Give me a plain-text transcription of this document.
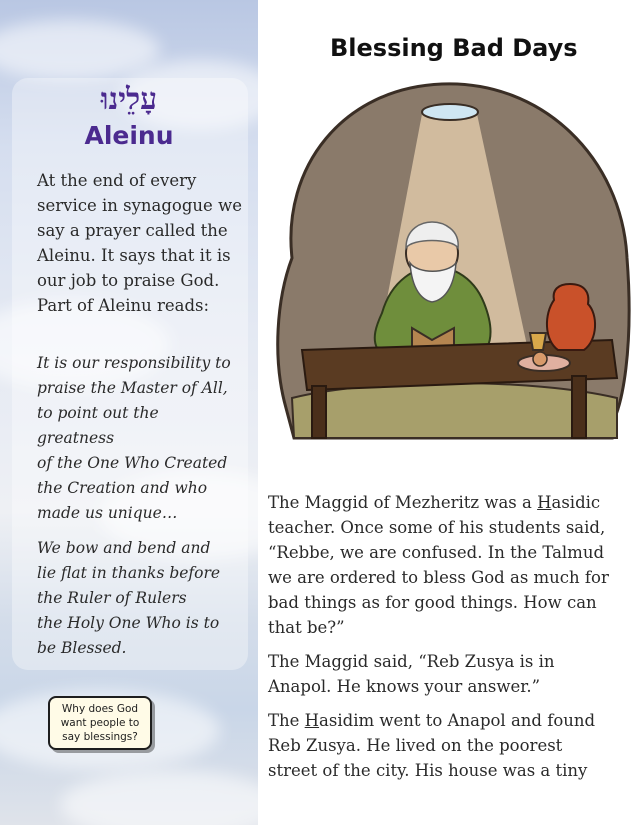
עָלֵינוּ
Aleinu
At the end of every service in synagogue we say a prayer called the Aleinu. It says that it is our job to praise God. Part of Aleinu reads:
It is our responsibility to
praise the Master of All,
to point out the
greatness
of the One Who Created
the Creation and who
made us unique…
We bow and bend and
lie flat in thanks before
the Ruler of Rulers
the Holy One Who is to
be Blessed.
Why does God want people to say blessings?
Blessing Bad Days
The Maggid of Mezheritz was a Hasidic teacher. Once some of his students said, “Rebbe, we are confused. In the Talmud we are ordered to bless God as much for bad things as for good things. How can that be?”
The Maggid said, “Reb Zusya is in Anapol. He knows your answer.”
The Hasidim went to Anapol and found Reb Zusya. He lived on the poorest street of the city. His house was a tiny
